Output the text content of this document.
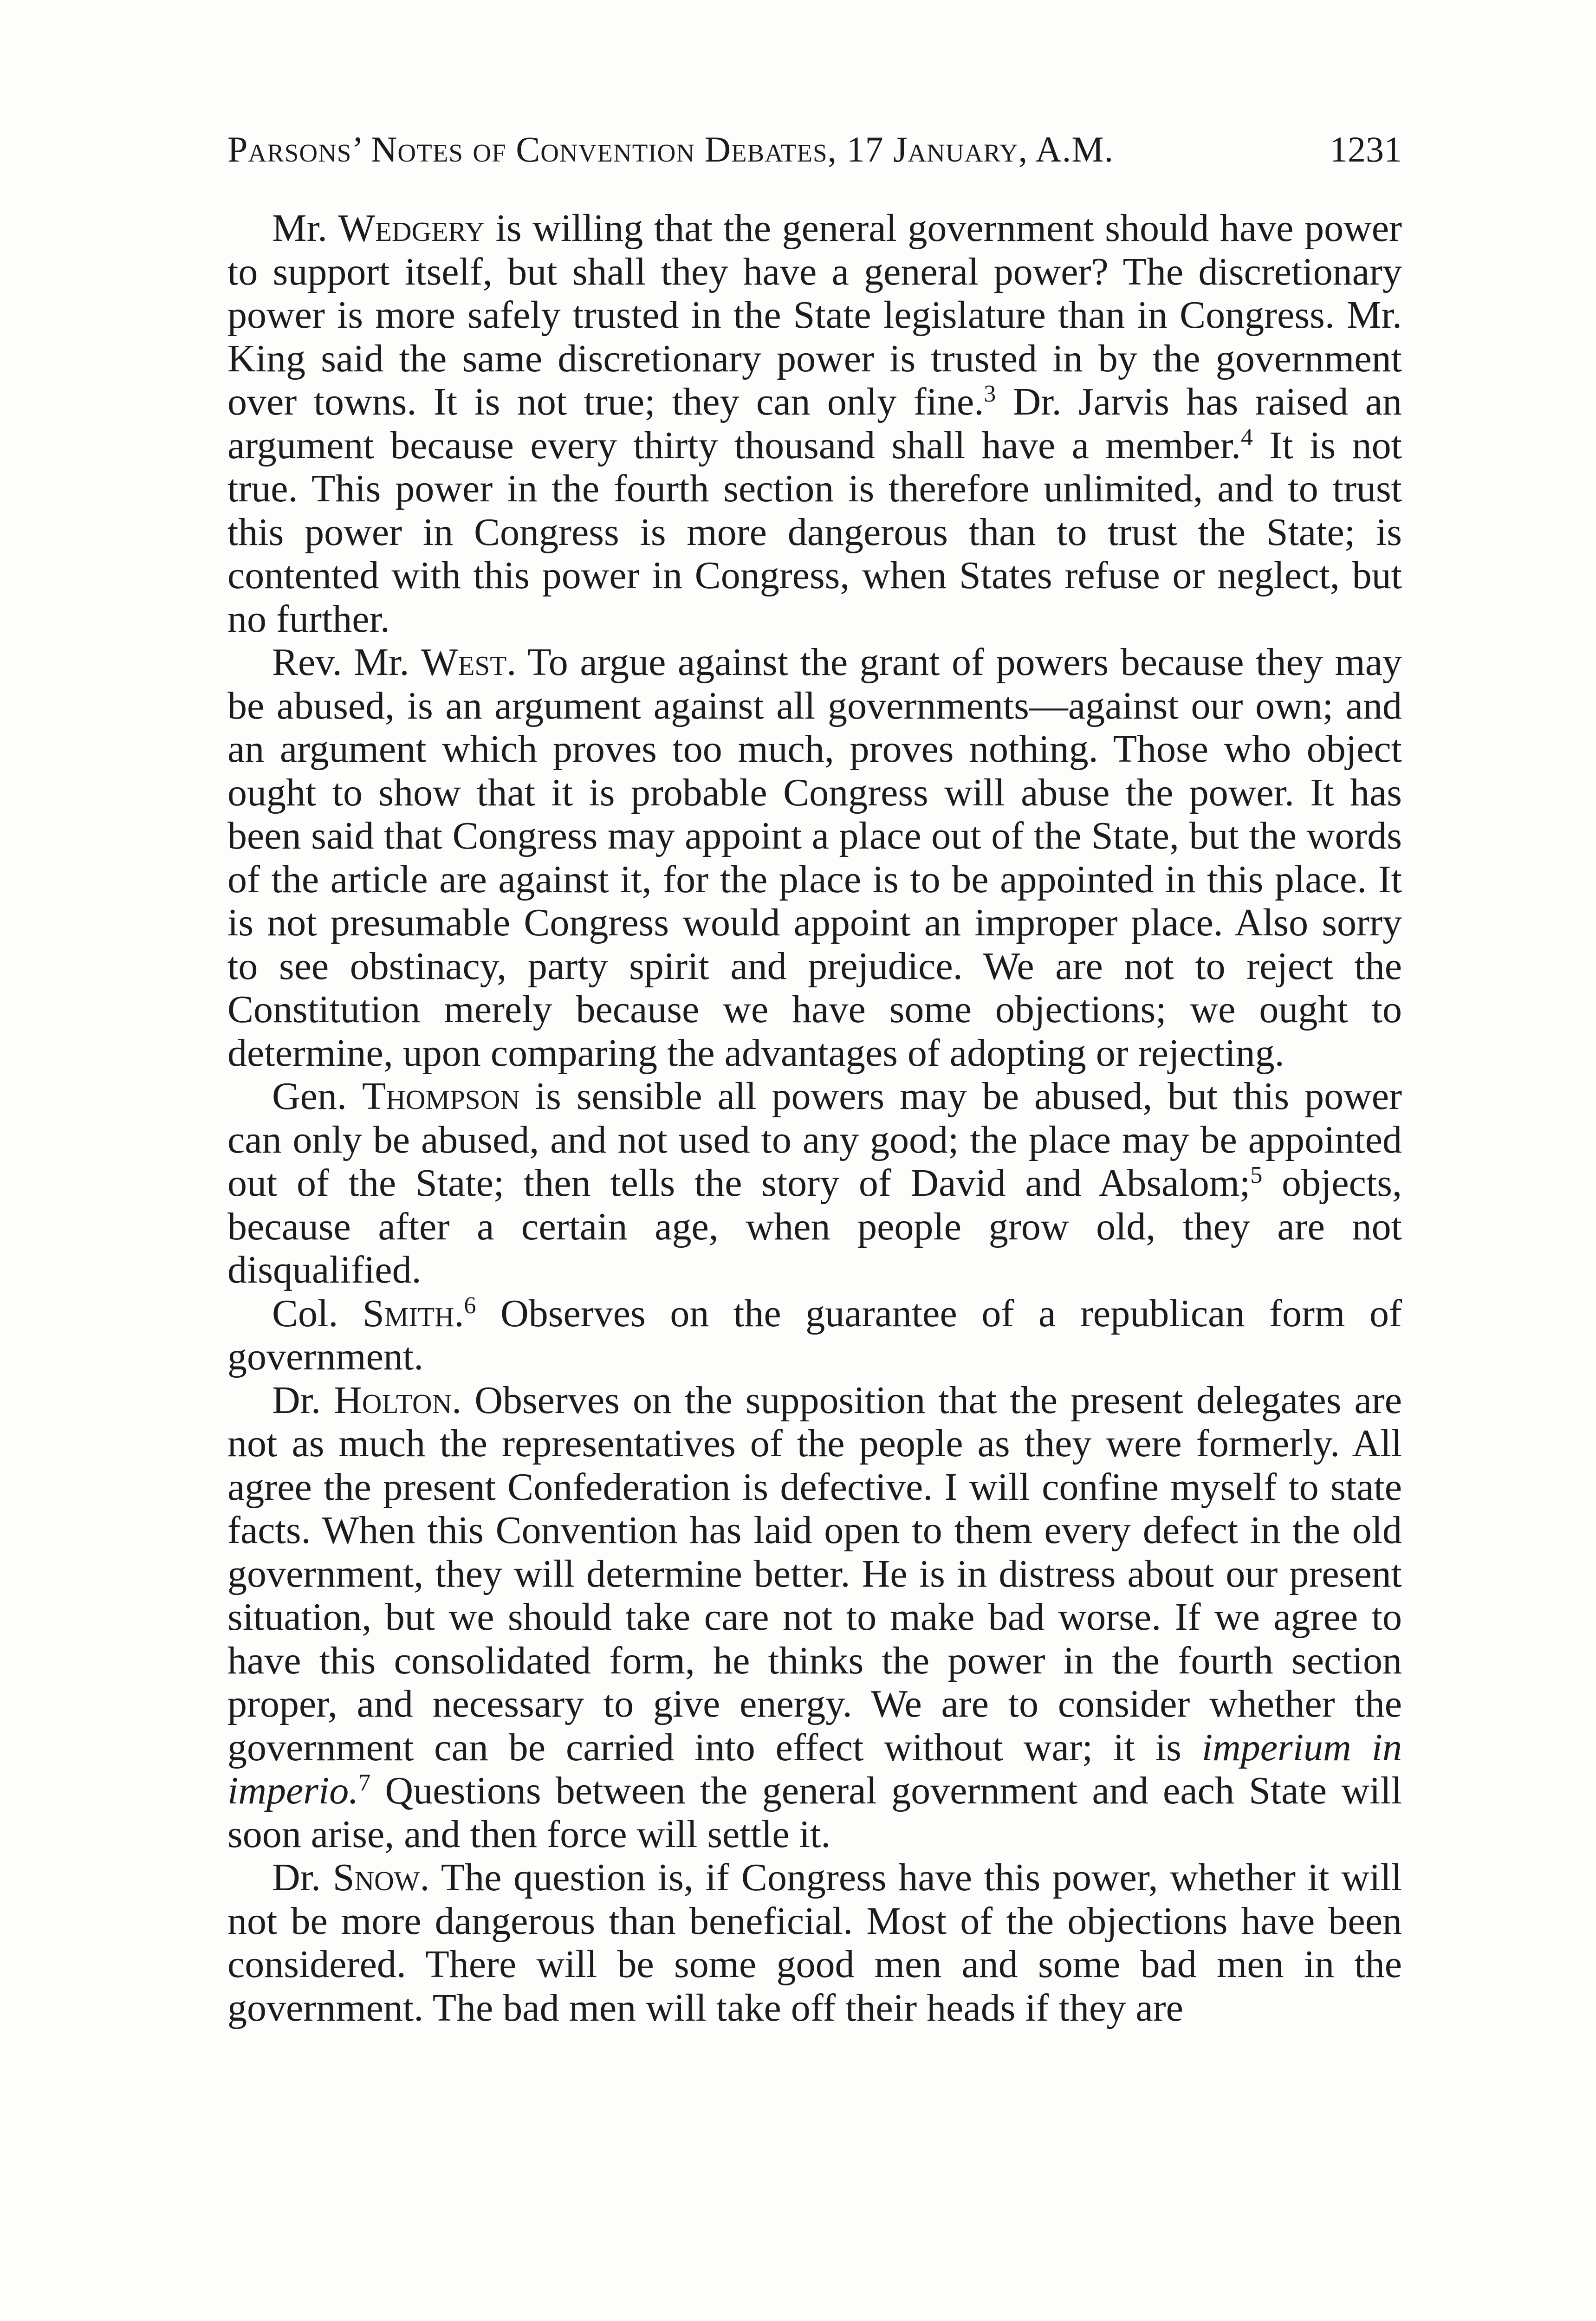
Parsons’ Notes of Convention Debates, 17 January, A.M.	1231

Mr. Wedgery is willing that the general government should have power to support itself, but shall they have a general power? The discretionary power is more safely trusted in the State legislature than in Congress. Mr. King said the same discretionary power is trusted in by the government over towns. It is not true; they can only fine.$^3$ Dr. Jarvis has raised an argument because every thirty thousand shall have a member.$^4$ It is not true. This power in the fourth section is therefore unlimited, and to trust this power in Congress is more dangerous than to trust the State; is contented with this power in Congress, when States refuse or neglect, but no further.

Rev. Mr. West. To argue against the grant of powers because they may be abused, is an argument against all governments—against our own; and an argument which proves too much, proves nothing. Those who object ought to show that it is probable Congress will abuse the power. It has been said that Congress may appoint a place out of the State, but the words of the article are against it, for the place is to be appointed in this place. It is not presumable Congress would appoint an improper place. Also sorry to see obstinacy, party spirit and prejudice. We are not to reject the Constitution merely because we have some objections; we ought to determine, upon comparing the advantages of adopting or rejecting.

Gen. Thompson is sensible all powers may be abused, but this power can only be abused, and not used to any good; the place may be appointed out of the State; then tells the story of David and Absalom;$^5$ objects, because after a certain age, when people grow old, they are not disqualified.

Col. Smith.$^6$ Observes on the guarantee of a republican form of government.

Dr. Holton. Observes on the supposition that the present delegates are not as much the representatives of the people as they were formerly. All agree the present Confederation is defective. I will confine myself to state facts. When this Convention has laid open to them every defect in the old government, they will determine better. He is in distress about our present situation, but we should take care not to make bad worse. If we agree to have this consolidated form, he thinks the power in the fourth section proper, and necessary to give energy. We are to consider whether the government can be carried into effect without war; it is imperium in imperio.$^7$ Questions between the general government and each State will soon arise, and then force will settle it.

Dr. Snow. The question is, if Congress have this power, whether it will not be more dangerous than beneficial. Most of the objections have been considered. There will be some good men and some bad men in the government. The bad men will take off their heads if they are
